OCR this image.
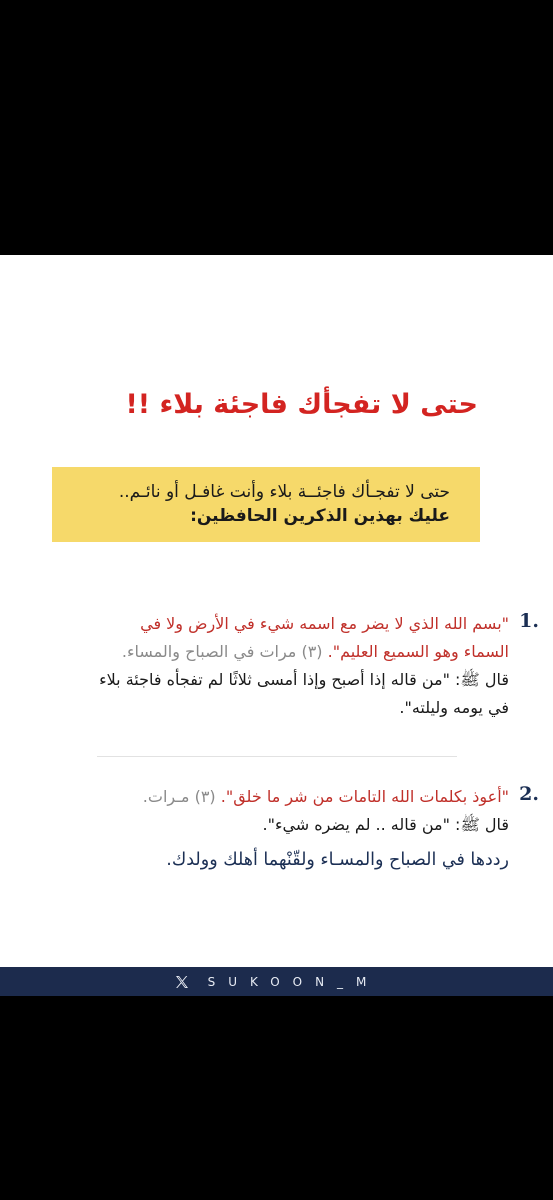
حتى لا تفجأك فاجئة بلاء !!
حتى لا تفجـأك فاجئــة بلاء وأنت غافـل أو نائـم..
عليك بهذين الذكرين الحافظين:
1.
"بسم الله الذي لا يضر مع اسمه شيء في الأرض ولا في
السماء وهو السميع العليم". (٣) مرات في الصباح والمساء.
قال ﷺ: "من قاله إذا أصبح وإذا أمسى ثلاثًا لم تفجأه فاجئة بلاء
في يومه وليلته".
2.
"أعوذ بكلمات الله التامات من شر ما خلق". (٣) مـرات.
قال ﷺ: "من قاله .. لم يضره شيء".
رددها في الصباح والمسـاء ولقّنْهما أهلك وولدك.
SUKOON_M
